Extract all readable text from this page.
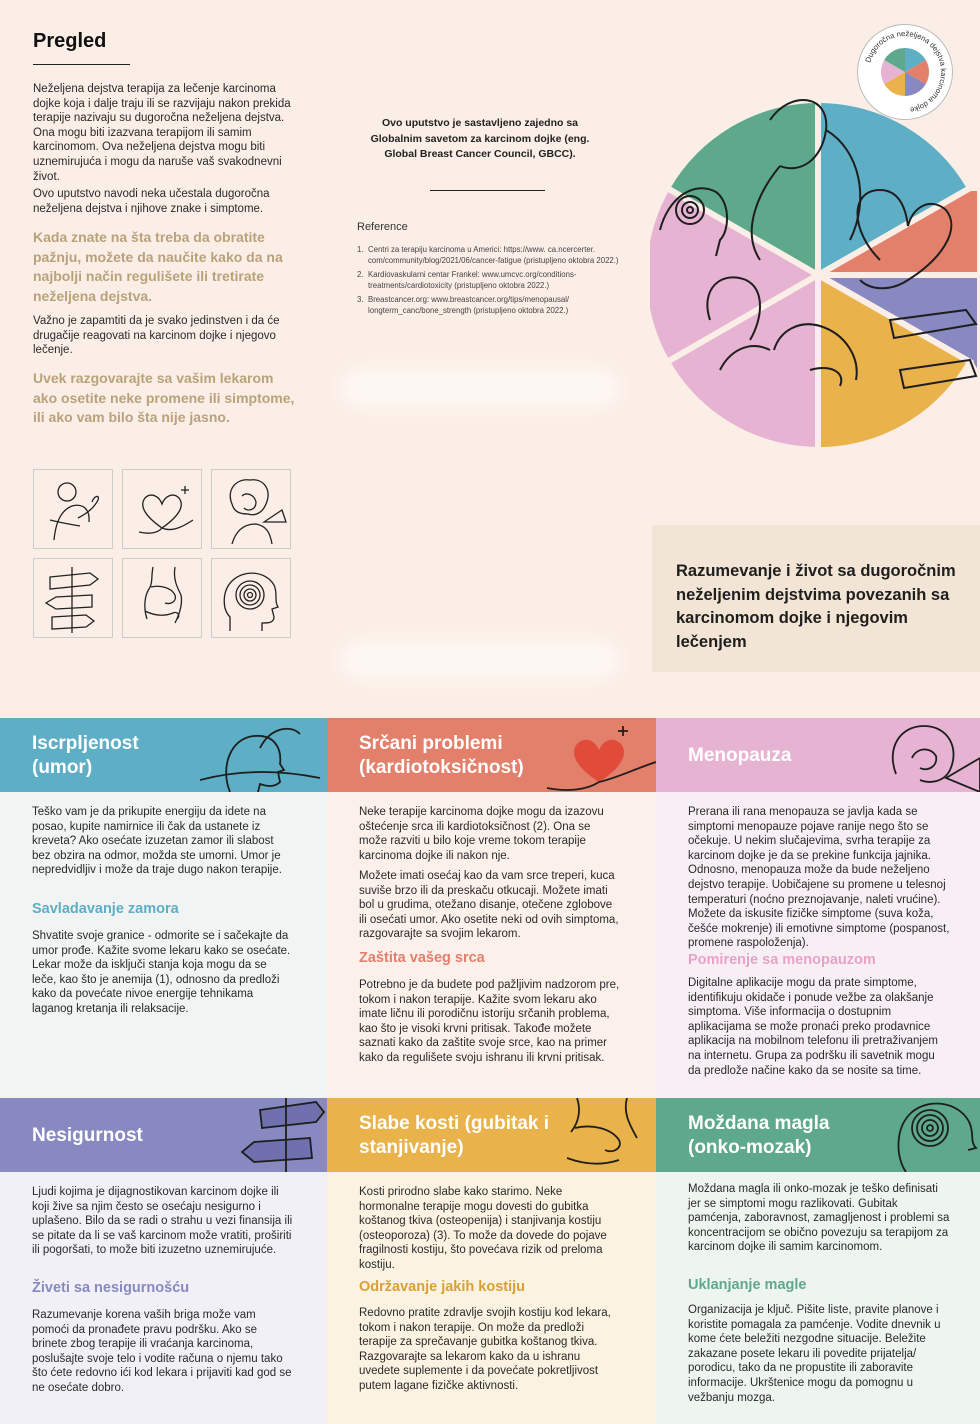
Pregled

Neželjena dejstva terapija za lečenje karcinoma dojke koja i dalje traju ili se razvijaju nakon prekida terapije nazivaju su dugoročna neželjena dejstva. Ona mogu biti izazvana terapijom ili samim karcinomom. Ova neželjena dejstva mogu biti uznemirujuća i mogu da naruše vaš svakodnevni život.

Ovo uputstvo navodi neka učestala dugoročna neželjena dejstva i njihove znake i simptome.

Kada znate na šta treba da obratite pažnju, možete da naučite kako da na najbolji način regulišete ili tretirate neželjena dejstva.

Važno je zapamtiti da je svako jedinstven i da će drugačije reagovati na karcinom dojke i njegovo lečenje.

Uvek razgovarajte sa vašim lekarom ako osetite neke promene ili simptome, ili ako vam bilo šta nije jasno.

Ovo uputstvo je sastavljeno zajedno sa Globalnim savetom za karcinom dojke (eng. Global Breast Cancer Council, GBCC).

Reference

1. Centri za terapiju karcinoma u Americi: https://www. ca.ncercerter. com/community/blog/2021/06/cancer-fatigue (pristupljeno oktobra 2022.)
2. Kardiovaskularni centar Frankel: www.umcvc.org/conditions-treatments/cardiotoxicity (pristupljeno oktobra 2022.)
3. Breastcancer.org: www.breastcancer.org/tips/menopausal/ longterm_canc/bone_strength (pristupljeno oktobra 2022.)
Dugoročna neželjena dejstva karcinoma dojke

Razumevanje i život sa dugoročnim neželjenim dejstvima povezanih sa karcinomom dojke i njegovim lečenjem

Iscrpljenost
(umor)

Teško vam je da prikupite energiju da idete na posao, kupite namirnice ili čak da ustanete iz kreveta? Ako osećate izuzetan zamor ili slabost bez obzira na odmor, možda ste umorni. Umor je nepredvidljiv i može da traje dugo nakon terapije.

Savladavanje zamora

Shvatite svoje granice - odmorite se i sačekajte da umor prođe. Kažite svome lekaru kako se osećate. Lekar može da isključi stanja koja mogu da se leče, kao što je anemija (1), odnosno da predloži kako da povećate nivoe energije tehnikama laganog kretanja ili relaksacije.

Srčani problemi
(kardiotoksičnost)

Neke terapije karcinoma dojke mogu da izazovu oštećenje srca ili kardiotoksičnost (2). Ona se može razviti u bilo koje vreme tokom terapije karcinoma dojke ili nakon nje.

Možete imati osećaj kao da vam srce treperi, kuca suviše brzo ili da preskaču otkucaji. Možete imati bol u grudima, otežano disanje, otečene zglobove ili osećati umor. Ako osetite neki od ovih simptoma, razgovarajte sa svojim lekarom.

Zaštita vašeg srca

Potrebno je da budete pod pažljivim nadzorom pre, tokom i nakon terapije. Kažite svom lekaru ako imate ličnu ili porodičnu istoriju srčanih problema, kao što je visoki krvni pritisak. Takođe možete saznati kako da zaštite svoje srce, kao na primer kako da regulišete svoju ishranu ili krvni pritisak.

Menopauza

Prerana ili rana menopauza se javlja kada se simptomi menopauze pojave ranije nego što se očekuje. U nekim slučajevima, svrha terapije za karcinom dojke je da se prekine funkcija jajnika. Odnosno, menopauza može da bude neželjeno dejstvo terapije. Uobičajene su promene u telesnoj temperaturi (noćno preznojavanje, naleti vrućine). Možete da iskusite fizičke simptome (suva koža, češće mokrenje) ili emotivne simptome (pospanost, promene raspoloženja).

Pomirenje sa menopauzom

Digitalne aplikacije mogu da prate simptome, identifikuju okidače i ponude vežbe za olakšanje simptoma. Više informacija o dostupnim aplikacijama se može pronaći preko prodavnice aplikacija na mobilnom telefonu ili pretraživanjem na internetu. Grupa za podršku ili savetnik mogu da predlože načine kako da se nosite sa time.

Nesigurnost

Ljudi kojima je dijagnostikovan karcinom dojke ili koji žive sa njim često se osećaju nesigurno i uplašeno. Bilo da se radi o strahu u vezi finansija ili se pitate da li se vaš karcinom može vratiti, proširiti ili pogoršati, to može biti izuzetno uznemirujuće.

Živeti sa nesigurnošću

Razumevanje korena vaših briga može vam pomoći da pronađete pravu podršku. Ako se brinete zbog terapije ili vraćanja karcinoma, poslušajte svoje telo i vodite računa o njemu tako što ćete redovno ići kod lekara i prijaviti kad god se ne osećate dobro.

Slabe kosti (gubitak i
stanjivanje)

Kosti prirodno slabe kako starimo. Neke hormonalne terapije mogu dovesti do gubitka koštanog tkiva (osteopenija) i stanjivanja kostiju (osteoporoza) (3). To može da dovede do pojave fragilnosti kostiju, što povećava rizik od preloma kostiju.

Održavanje jakih kostiju

Redovno pratite zdravlje svojih kostiju kod lekara, tokom i nakon terapije. On može da predloži terapije za sprečavanje gubitka koštanog tkiva. Razgovarajte sa lekarom kako da u ishranu uvedete suplemente i da povećate pokretljivost putem lagane fizičke aktivnosti.

Moždana magla
(onko-mozak)

Moždana magla ili onko-mozak je teško definisati jer se simptomi mogu razlikovati. Gubitak pamćenja, zaboravnost, zamagljenost i problemi sa koncentracijom se obično povezuju sa terapijom za karcinom dojke ili samim karcinomom.

Uklanjanje magle

Organizacija je ključ. Pišite liste, pravite planove i koristite pomagala za pamćenje. Vodite dnevnik u kome ćete beležiti nezgodne situacije. Beležite zakazane posete lekaru ili povedite prijatelja/ porodicu, tako da ne propustite ili zaboravite informacije. Ukrštenice mogu da pomognu u vežbanju mozga.
